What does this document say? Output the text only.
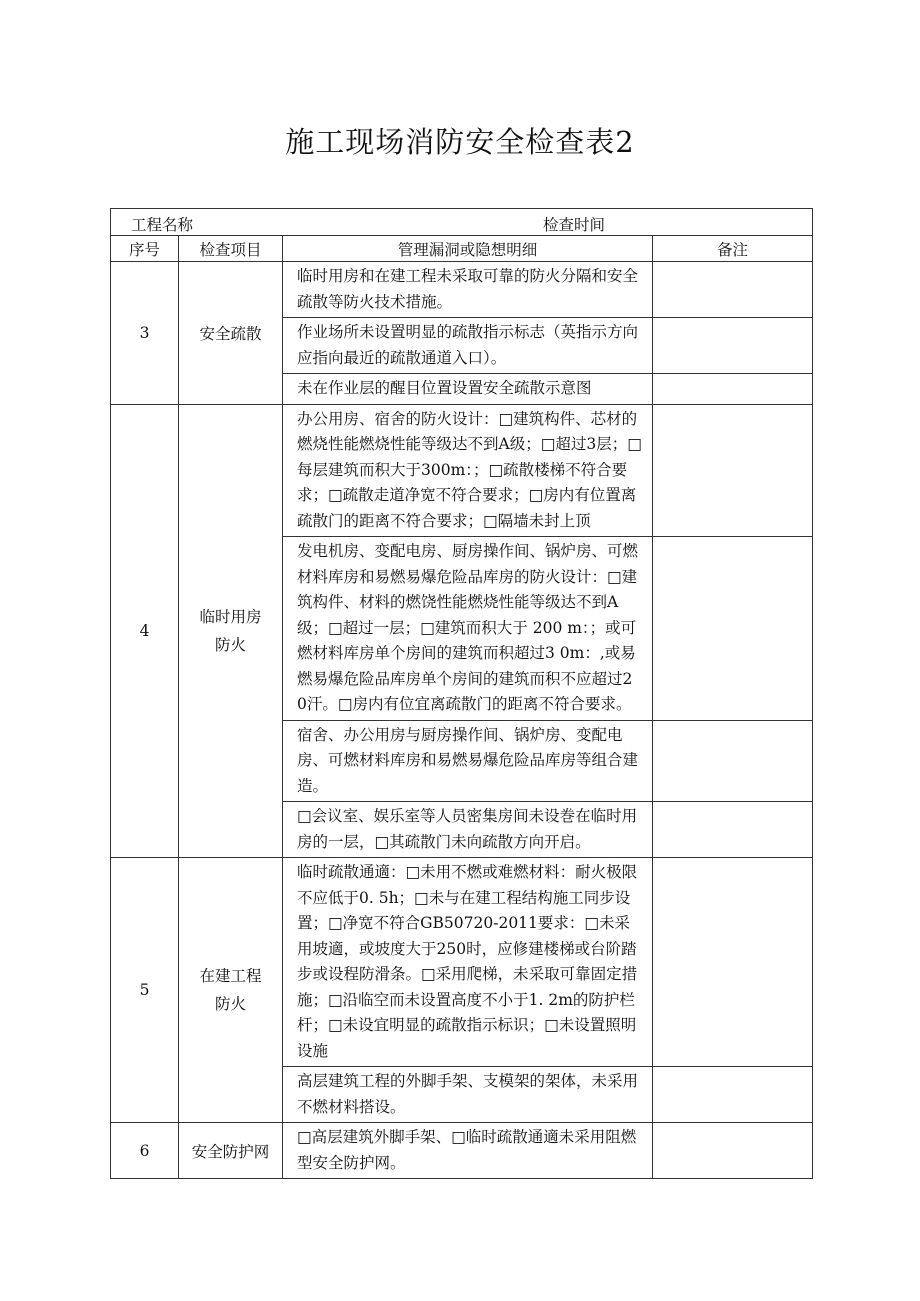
施工现场消防安全检查表2
工程名称 检查时间			

序号	检查项目	管理漏洞或隐想明细	备注
3	安全疏散	临时用房和在建工程未采取可靠的防火分隔和安全疏散等防火技术措施。	
		作业场所未设置明显的疏散指示标志（英指示方向应指向最近的疏散通道入口）。	
		未在作业层的醒目位置设置安全疏散示意图	
4	临时用房防火	办公用房、宿舍的防火设计：□建筑构件、芯材的燃烧性能燃烧性能等级达不到A级；□超过3层；□每层建筑而积大于300m：；□疏散楼梯不符合要求；□疏散走道净宽不符合要求；□房内有位置离疏散门的距离不符合要求；□隔墙未封上顶	
		发电机房、变配电房、厨房操作间、锅炉房、可燃材料库房和易燃易爆危险品库房的防火设计：□建筑构件、材料的燃饶性能燃烧性能等级达不到A级；□超过一层；□建筑而积大于 200 m：；或可燃材料库房单个房间的建筑而积超过3 0m：,或易燃易爆危险品库房单个房间的建筑而积不应超过2 0汗。□房内有位宜离疏散门的距离不符合要求。	
		宿舍、办公用房与厨房操作间、锅炉房、变配电房、可燃材料库房和易燃易爆危险品库房等组合建造。	
		□会议室、娱乐室等人员密集房间未设巻在临时用房的一层，□其疏散门未向疏散方向开启。	
5	在建工程防火	临时疏散通適：□未用不燃或难燃材料：耐火极限不应低于0. 5h；□未与在建工程结构施工同步设置；□净宽不符合GB50720-2011要求：□未采用坡適，或坡度大于250时，应修建楼梯或台阶踏步或设程防滑条。□采用爬梯，未采取可靠固定措施；□沿临空而未设置高度不小于1. 2m的防护栏杆；□未设宜明显的疏散指示标识；□未设置照明设施	
		高层建筑工程的外脚手架、支模架的架体，未采用不燃材料搭设。	
6	安全防护网	□高层建筑外脚手架、□临时疏散通適未采用阻燃型安全防护网。	
